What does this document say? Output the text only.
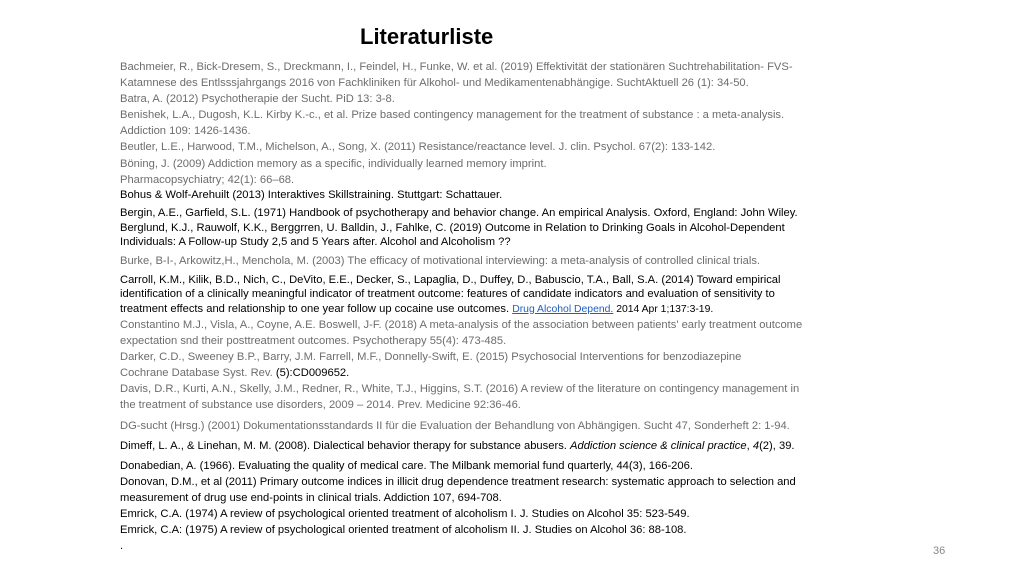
Literaturliste

Bachmeier, R., Bick-Dresem, S., Dreckmann, I., Feindel, H., Funke, W. et al. (2019) Effektivität der stationären Suchtrehabilitation- FVS-

Katamnese des Entlsssjahrgangs 2016 von Fachkliniken für Alkohol- und Medikamentenabhängige. SuchtAktuell 26 (1): 34-50.

Batra, A. (2012) Psychotherapie der Sucht. PiD 13: 3-8.

Benishek, L.A., Dugosh, K.L. Kirby K.-c., et al. Prize based contingency management for the treatment of substance : a meta-analysis.

Addiction 109: 1426-1436.

Beutler, L.E., Harwood, T.M., Michelson, A., Song, X. (2011) Resistance/reactance level. J. clin. Psychol. 67(2): 133-142.

Böning, J. (2009) Addiction memory as a specific, individually learned memory imprint.

Pharmacopsychiatry; 42(1): 66–68.

Bohus & Wolf-Arehuilt (2013) Interaktives Skillstraining. Stuttgart: Schattauer.

Bergin, A.E., Garfield, S.L. (1971) Handbook of psychotherapy and behavior change. An empirical Analysis. Oxford, England: John Wiley.

Berglund, K.J., Rauwolf, K.K., Berggrren, U. Balldin, J., Fahlke, C. (2019) Outcome in Relation to Drinking Goals in Alcohol-Dependent

Individuals: A Follow-up Study 2,5 and 5 Years after. Alcohol and Alcoholism ??

Burke, B-I-, Arkowitz,H., Menchola, M. (2003) The efficacy of motivational interviewing: a meta-analysis of controlled clinical trials.

Carroll, K.M., Kilik, B.D., Nich, C., DeVito, E.E., Decker, S., Lapaglia, D., Duffey, D., Babuscio, T.A., Ball, S.A. (2014) Toward empirical

identification of a clinically meaningful indicator of treatment outcome: features of candidate indicators and evaluation of sensitivity to

treatment effects and relationship to one year follow up cocaine use outcomes. Drug Alcohol Depend. 2014 Apr 1;137:3-19.

Constantino M.J., Visla, A., Coyne, A.E. Boswell, J-F. (2018) A meta-analysis of the association between patients' early treatment outcome

expectation snd their posttreatment outcomes. Psychotherapy 55(4): 473-485.

Darker, C.D., Sweeney B.P., Barry, J.M. Farrell, M.F., Donnelly-Swift, E. (2015) Psychosocial Interventions for benzodiazepine

Cochrane Database Syst. Rev. (5):CD009652.

Davis, D.R., Kurti, A.N., Skelly, J.M., Redner, R., White, T.J., Higgins, S.T. (2016) A review of the literature on contingency management in

the treatment of substance use disorders, 2009 – 2014. Prev. Medicine 92:36-46.

DG-sucht (Hrsg.) (2001) Dokumentationsstandards II für die Evaluation der Behandlung von Abhängigen. Sucht 47, Sonderheft 2: 1-94.

Dimeff, L. A., & Linehan, M. M. (2008). Dialectical behavior therapy for substance abusers. Addiction science & clinical practice, 4(2), 39.

Donabedian, A. (1966). Evaluating the quality of medical care. The Milbank memorial fund quarterly, 44(3), 166-206.

Donovan, D.M., et al (2011) Primary outcome indices in illicit drug dependence treatment research: systematic approach to selection and

measurement of drug use end-points in clinical trials. Addiction 107, 694-708.

Emrick, C.A. (1974) A review of psychological oriented treatment of alcoholism I. J. Studies on Alcohol 35: 523-549.

Emrick, C.A: (1975) A review of psychological oriented treatment of alcoholism II. J. Studies on Alcohol 36: 88-108.

.	36
